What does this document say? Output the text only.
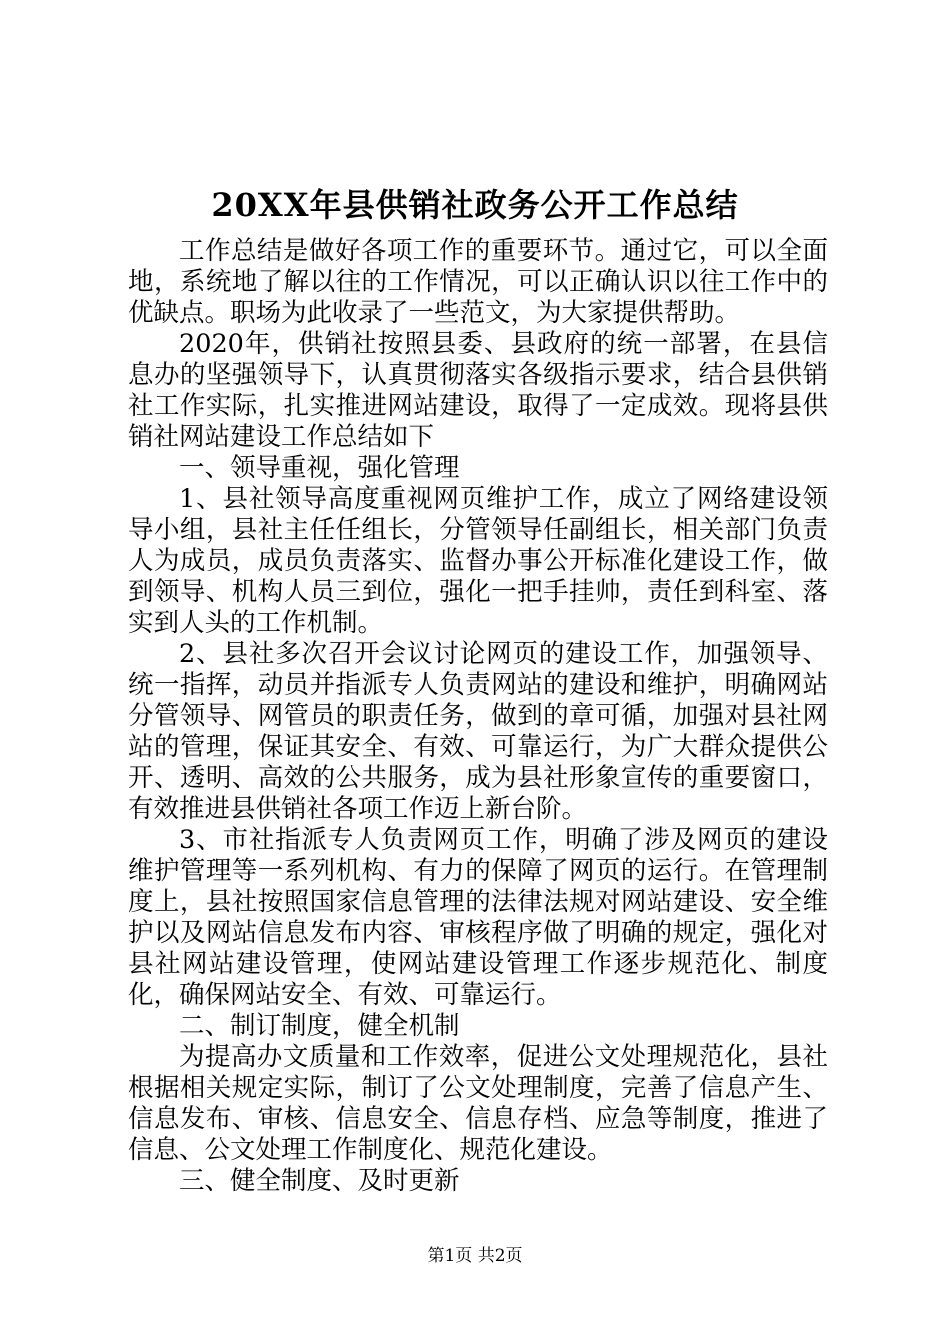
20XX年县供销社政务公开工作总结

工作总结是做好各项工作的重要环节。通过它，可以全面地，系统地了解以往的工作情况，可以正确认识以往工作中的优缺点。职场为此收录了一些范文，为大家提供帮助。

2020年，供销社按照县委、县政府的统一部署，在县信息办的坚强领导下，认真贯彻落实各级指示要求，结合县供销社工作实际，扎实推进网站建设，取得了一定成效。现将县供销社网站建设工作总结如下

一、领导重视，强化管理

1、县社领导高度重视网页维护工作，成立了网络建设领导小组，县社主任任组长，分管领导任副组长，相关部门负责人为成员，成员负责落实、监督办事公开标准化建设工作，做到领导、机构人员三到位，强化一把手挂帅，责任到科室、落实到人头的工作机制。

2、县社多次召开会议讨论网页的建设工作，加强领导、统一指挥，动员并指派专人负责网站的建设和维护，明确网站分管领导、网管员的职责任务，做到的章可循，加强对县社网站的管理，保证其安全、有效、可靠运行，为广大群众提供公开、透明、高效的公共服务，成为县社形象宣传的重要窗口，有效推进县供销社各项工作迈上新台阶。

3、市社指派专人负责网页工作，明确了涉及网页的建设维护管理等一系列机构、有力的保障了网页的运行。在管理制度上，县社按照国家信息管理的法律法规对网站建设、安全维护以及网站信息发布内容、审核程序做了明确的规定，强化对县社网站建设管理，使网站建设管理工作逐步规范化、制度化，确保网站安全、有效、可靠运行。

二、制订制度，健全机制

为提高办文质量和工作效率，促进公文处理规范化，县社根据相关规定实际，制订了公文处理制度，完善了信息产生、信息发布、审核、信息安全、信息存档、应急等制度，推进了信息、公文处理工作制度化、规范化建设。

三、健全制度、及时更新

第1页 共2页
